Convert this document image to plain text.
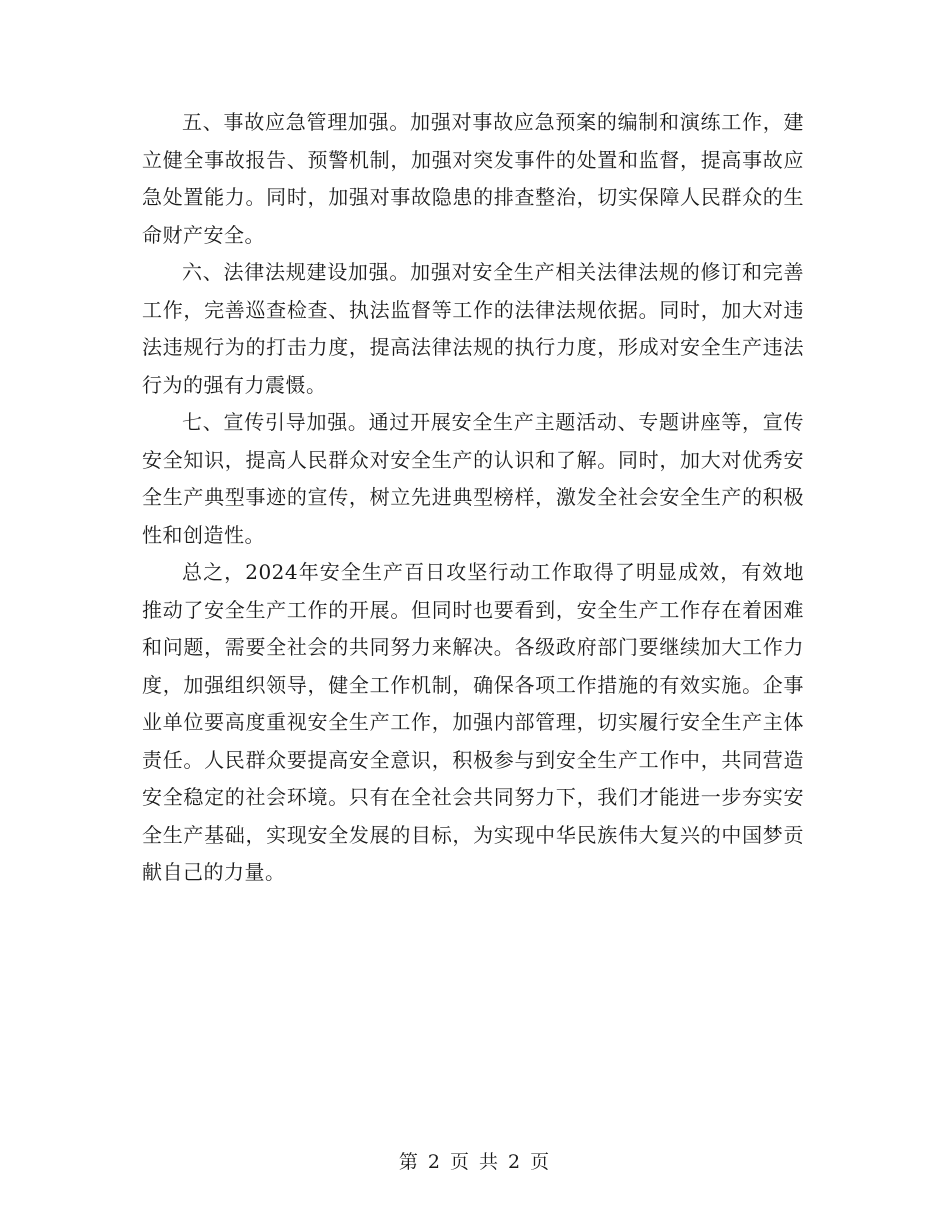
五、事故应急管理加强。加强对事故应急预案的编制和演练工作，建立健全事故报告、预警机制，加强对突发事件的处置和监督，提高事故应急处置能力。同时，加强对事故隐患的排查整治，切实保障人民群众的生命财产安全。

六、法律法规建设加强。加强对安全生产相关法律法规的修订和完善工作，完善巡查检查、执法监督等工作的法律法规依据。同时，加大对违法违规行为的打击力度，提高法律法规的执行力度，形成对安全生产违法行为的强有力震慑。

七、宣传引导加强。通过开展安全生产主题活动、专题讲座等，宣传安全知识，提高人民群众对安全生产的认识和了解。同时，加大对优秀安全生产典型事迹的宣传，树立先进典型榜样，激发全社会安全生产的积极性和创造性。

总之，2024年安全生产百日攻坚行动工作取得了明显成效，有效地推动了安全生产工作的开展。但同时也要看到，安全生产工作存在着困难和问题，需要全社会的共同努力来解决。各级政府部门要继续加大工作力度，加强组织领导，健全工作机制，确保各项工作措施的有效实施。企事业单位要高度重视安全生产工作，加强内部管理，切实履行安全生产主体责任。人民群众要提高安全意识，积极参与到安全生产工作中，共同营造安全稳定的社会环境。只有在全社会共同努力下，我们才能进一步夯实安全生产基础，实现安全发展的目标，为实现中华民族伟大复兴的中国梦贡献自己的力量。

第 2 页 共 2 页
